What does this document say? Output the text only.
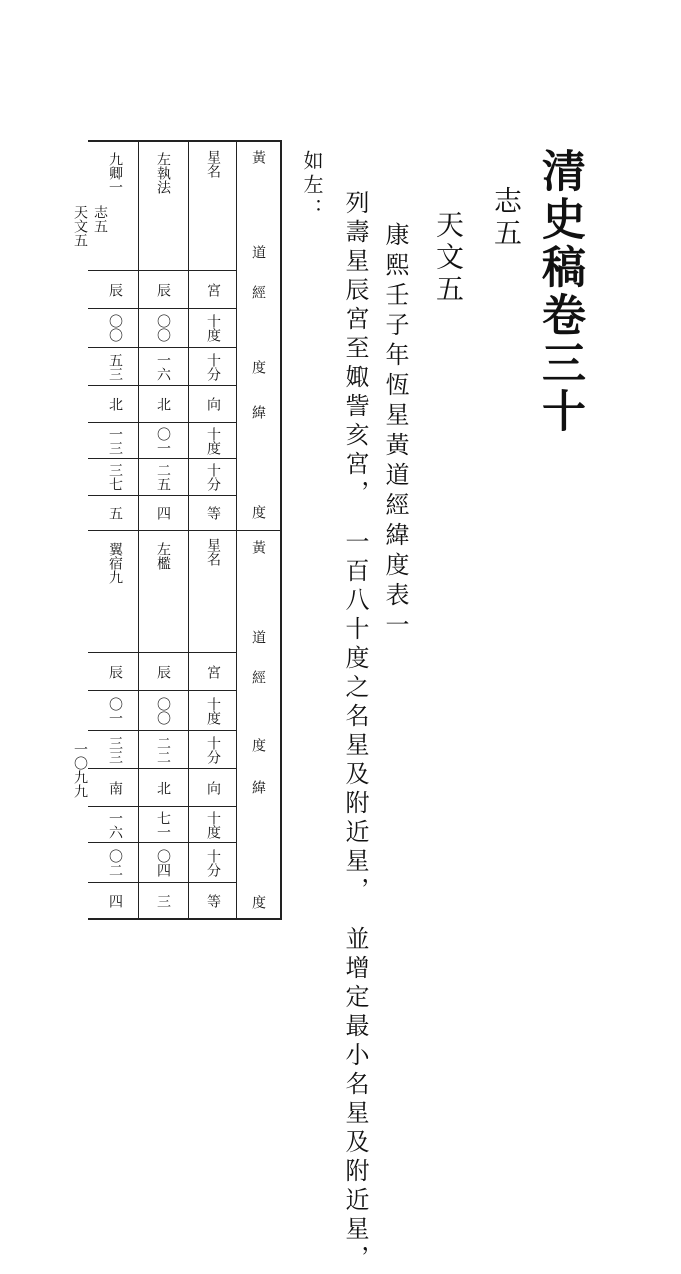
清史稿卷三十
志五
天文五
康熙壬子年恆星黃道經緯度表一
列壽星辰宮至娵訾亥宮，一百八十度之名星及附近星，並增定最小名星及附近星，
如左：
志五
天文五
一〇九九
黃
道
經
度
緯
度
星名
宮
十度
十分
向
十度
十分
等
左執法
辰
〇〇
一六
北
〇一
二五
四
九卿一
辰
〇〇
五三
北
一三
三七
五
黃
道
經
度
緯
度
星名
宮
十度
十分
向
十度
十分
等
左檻
辰
〇〇
二二
北
七一
〇四
三
翼宿九
辰
〇一
三三
南
一六
〇二
四
